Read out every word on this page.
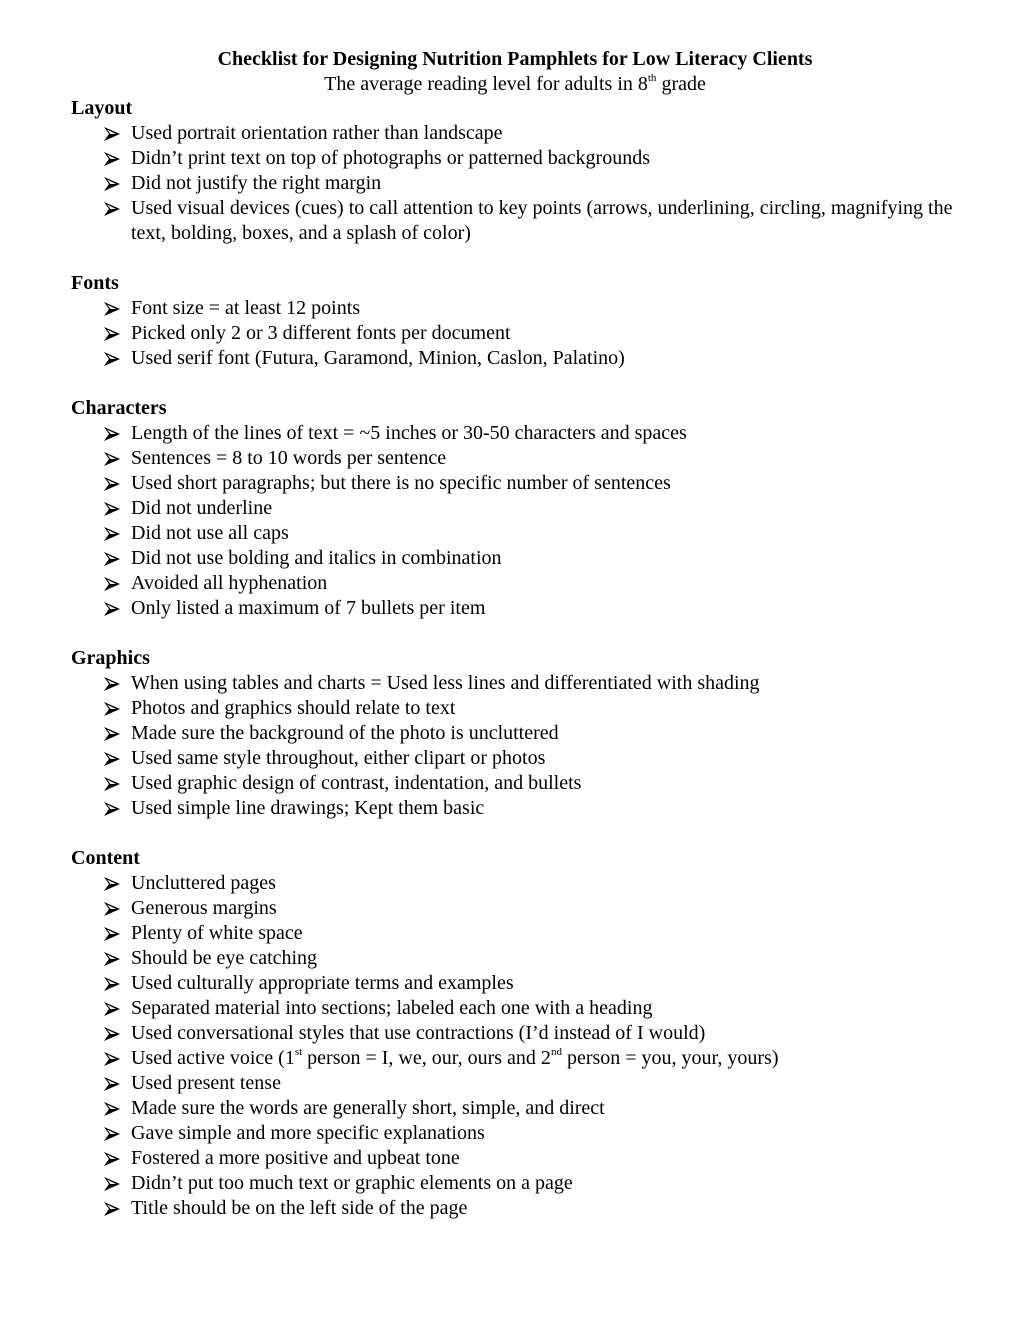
Checklist for Designing Nutrition Pamphlets for Low Literacy Clients
The average reading level for adults in 8th grade
Layout
Used portrait orientation rather than landscape
Didn’t print text on top of photographs or patterned backgrounds
Did not justify the right margin
Used visual devices (cues) to call attention to key points (arrows, underlining, circling, magnifying the text, bolding, boxes, and a splash of color)
Fonts
Font size = at least 12 points
Picked only 2 or 3 different fonts per document
Used serif font (Futura, Garamond, Minion, Caslon, Palatino)
Characters
Length of the lines of text = ~5 inches or 30-50 characters and spaces
Sentences = 8 to 10 words per sentence
Used short paragraphs; but there is no specific number of sentences
Did not underline
Did not use all caps
Did not use bolding and italics in combination
Avoided all hyphenation
Only listed a maximum of 7 bullets per item
Graphics
When using tables and charts = Used less lines and differentiated with shading
Photos and graphics should relate to text
Made sure the background of the photo is uncluttered
Used same style throughout, either clipart or photos
Used graphic design of contrast, indentation, and bullets
Used simple line drawings; Kept them basic
Content
Uncluttered pages
Generous margins
Plenty of white space
Should be eye catching
Used culturally appropriate terms and examples
Separated material into sections; labeled each one with a heading
Used conversational styles that use contractions (I’d instead of I would)
Used active voice (1st person = I, we, our, ours and 2nd person = you, your, yours)
Used present tense
Made sure the words are generally short, simple, and direct
Gave simple and more specific explanations
Fostered a more positive and upbeat tone
Didn’t put too much text or graphic elements on a page
Title should be on the left side of the page
